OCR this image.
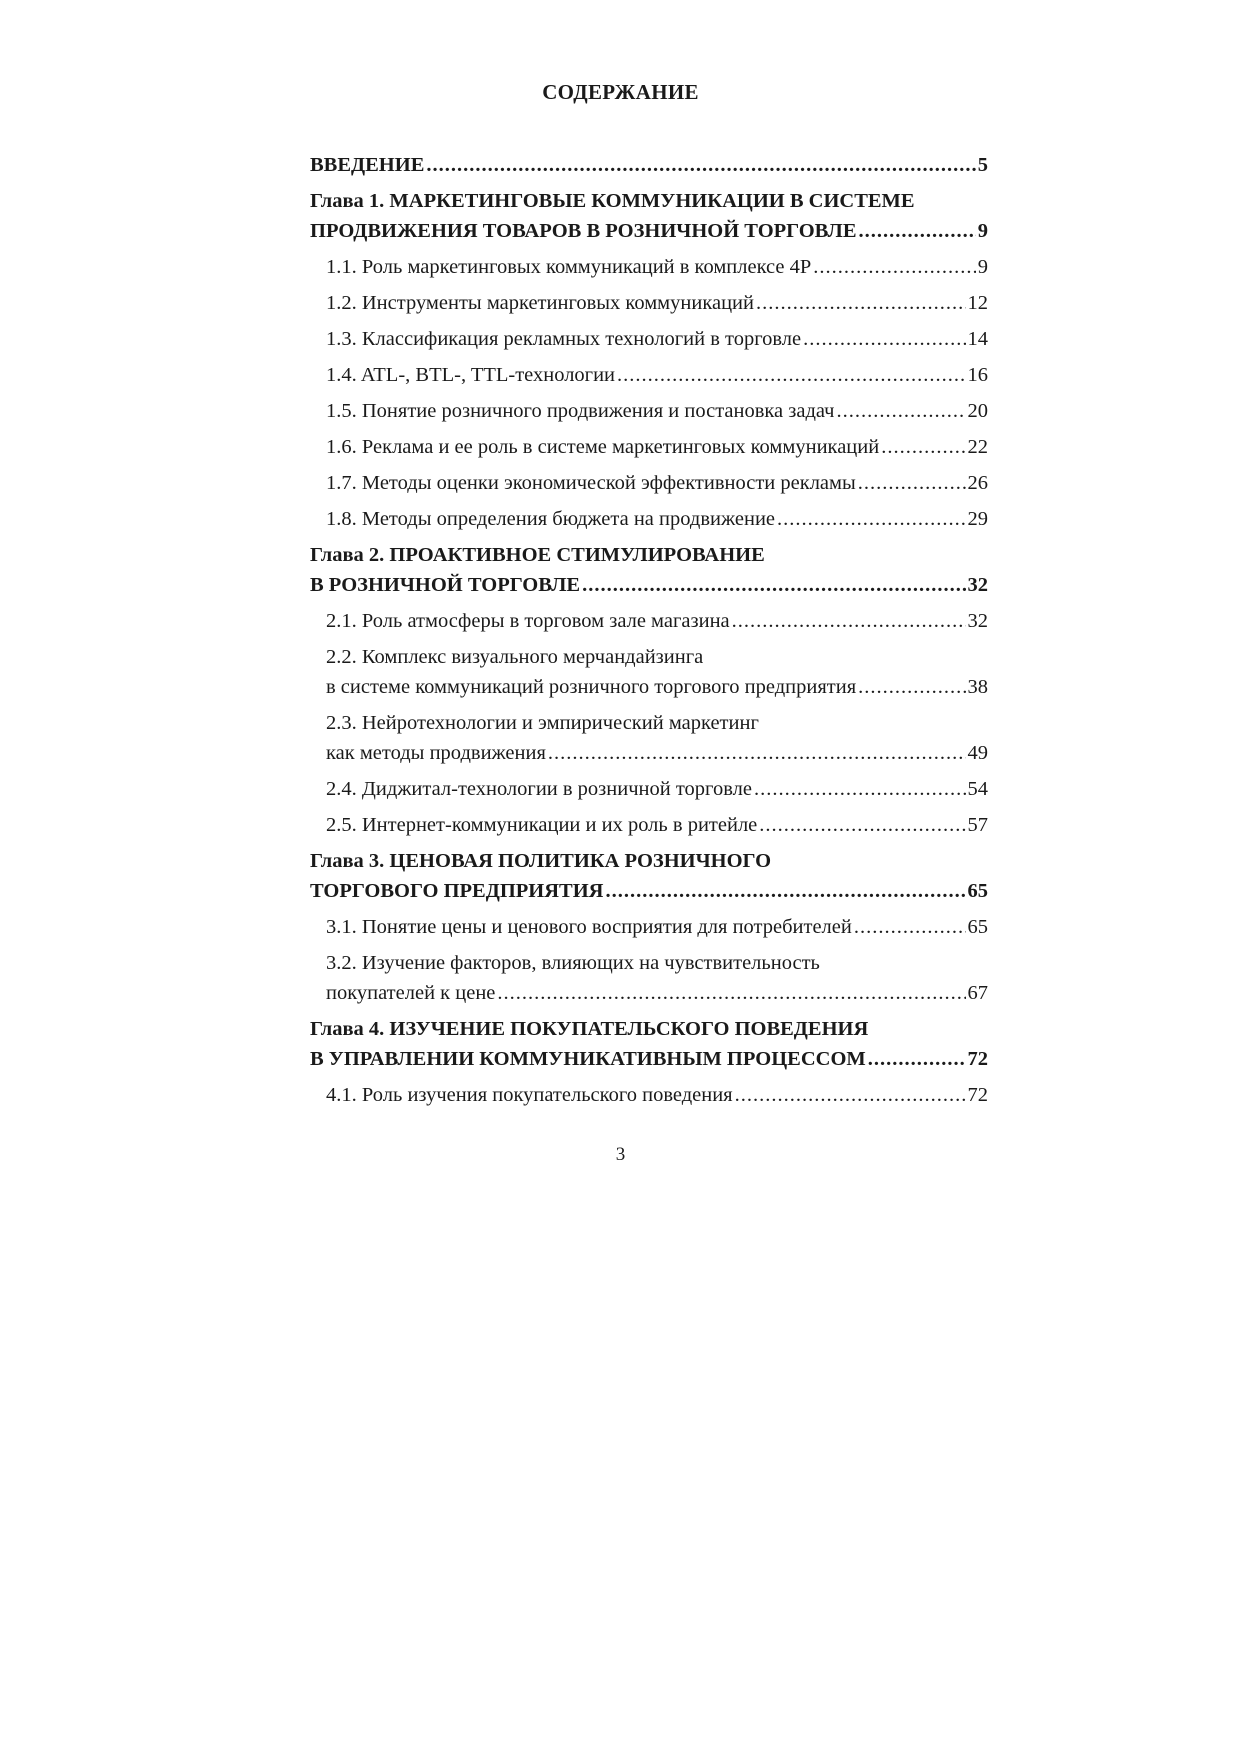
СОДЕРЖАНИЕ
ВВЕДЕНИЕ .....	5
Глава 1. МАРКЕТИНГОВЫЕ КОММУНИКАЦИИ В СИСТЕМЕ
ПРОДВИЖЕНИЯ ТОВАРОВ В РОЗНИЧНОЙ ТОРГОВЛЕ .....	9
1.1. Роль маркетинговых коммуникаций в комплексе 4P .....	9
1.2. Инструменты маркетинговых коммуникаций .....	12
1.3. Классификация рекламных технологий в торговле .....	14
1.4. ATL-, BTL-, TTL-технологии .....	16
1.5. Понятие розничного продвижения и постановка задач .....	20
1.6. Реклама и ее роль в системе маркетинговых коммуникаций .....	22
1.7. Методы оценки экономической эффективности рекламы .....	26
1.8. Методы определения бюджета на продвижение .....	29
Глава 2. ПРОАКТИВНОЕ СТИМУЛИРОВАНИЕ
В РОЗНИЧНОЙ ТОРГОВЛЕ .....	32
2.1. Роль атмосферы в торговом зале магазина .....	32
2.2. Комплекс визуального мерчандайзинга
в системе коммуникаций розничного торгового предприятия .....	38
2.3. Нейротехнологии и эмпирический маркетинг
как методы продвижения .....	49
2.4. Диджитал-технологии в розничной торговле .....	54
2.5. Интернет-коммуникации и их роль в ритейле .....	57
Глава 3. ЦЕНОВАЯ ПОЛИТИКА РОЗНИЧНОГО
ТОРГОВОГО ПРЕДПРИЯТИЯ .....	65
3.1. Понятие цены и ценового восприятия для потребителей .....	65
3.2. Изучение факторов, влияющих на чувствительность
покупателей к цене .....	67
Глава 4. ИЗУЧЕНИЕ ПОКУПАТЕЛЬСКОГО ПОВЕДЕНИЯ
В УПРАВЛЕНИИ КОММУНИКАТИВНЫМ ПРОЦЕССОМ .....	72
4.1. Роль изучения покупательского поведения .....	72
3
